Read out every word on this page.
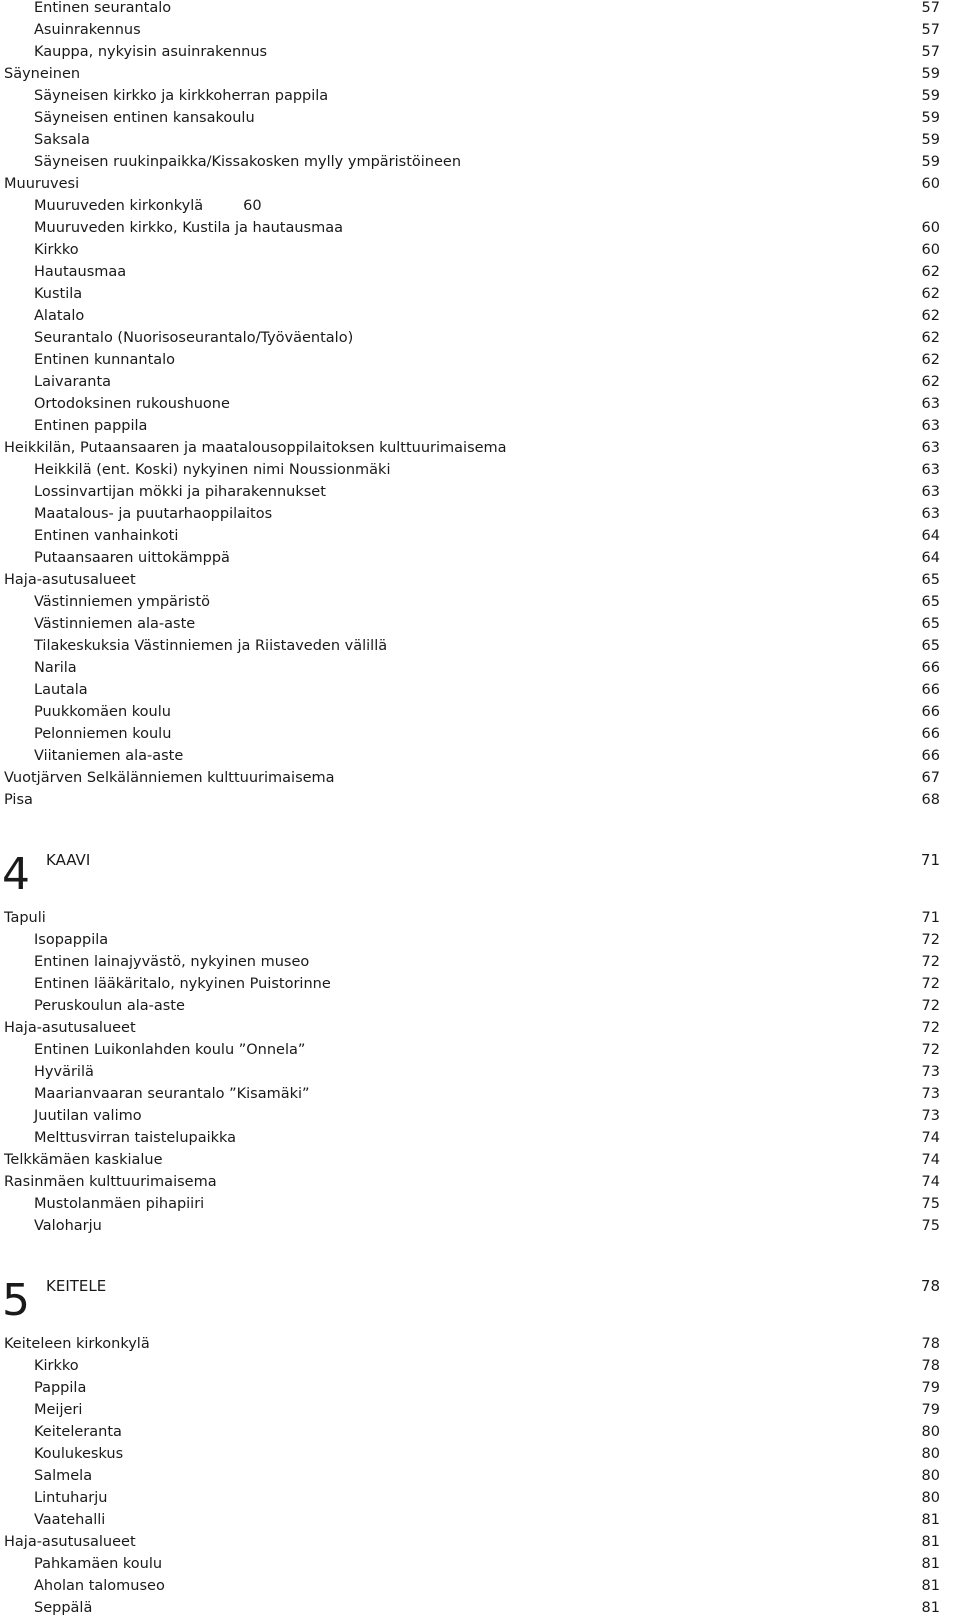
Entinen seurantalo	57
Asuinrakennus	57
Kauppa, nykyisin asuinrakennus	57
Säyneinen	59
Säyneisen kirkko ja kirkkoherran pappila	59
Säyneisen entinen kansakoulu	59
Saksala	59
Säyneisen ruukinpaikka/Kissakosken mylly ympäristöineen	59
Muuruvesi	60
Muuruveden kirkonkylä	60
Muuruveden kirkko, Kustila ja hautausmaa	60
Kirkko	60
Hautausmaa	62
Kustila	62
Alatalo	62
Seurantalo (Nuorisoseurantalo/Työväentalo)	62
Entinen kunnantalo	62
Laivaranta	62
Ortodoksinen rukoushuone	63
Entinen pappila	63
Heikkilän, Putaansaaren ja maatalousoppilaitoksen kulttuurimaisema	63
Heikkilä (ent. Koski) nykyinen nimi Noussionmäki	63
Lossinvartijan mökki ja piharakennukset	63
Maatalous- ja puutarhaoppilaitos	63
Entinen vanhainkoti	64
Putaansaaren uittokämppä	64
Haja-asutusalueet	65
Västinniemen ympäristö	65
Västinniemen ala-aste	65
Tilakeskuksia Västinniemen ja Riistaveden välillä	65
Narila	66
Lautala	66
Puukkomäen koulu	66
Pelonniemen koulu	66
Viitaniemen ala-aste	66
Vuotjärven Selkälänniemen kulttuurimaisema	67
Pisa	68
4 KAAVI	71
Tapuli	71
Isopappila	72
Entinen lainajyvästö, nykyinen museo	72
Entinen lääkäritalo, nykyinen Puistorinne	72
Peruskoulun ala-aste	72
Haja-asutusalueet	72
Entinen Luikonlahden koulu ”Onnela”	72
Hyvärilä	73
Maarianvaaran seurantalo ”Kisamäki”	73
Juutilan valimo	73
Melttusvirran taistelupaikka	74
Telkkämäen kaskialue	74
Rasinmäen kulttuurimaisema	74
Mustolanmäen pihapiiri	75
Valoharju	75
5 KEITELE	78
Keiteleen kirkonkylä	78
Kirkko	78
Pappila	79
Meijeri	79
Keiteleranta	80
Koulukeskus	80
Salmela	80
Lintuharju	80
Vaatehalli	81
Haja-asutusalueet	81
Pahkamäen koulu	81
Aholan talomuseo	81
Seppälä	81
